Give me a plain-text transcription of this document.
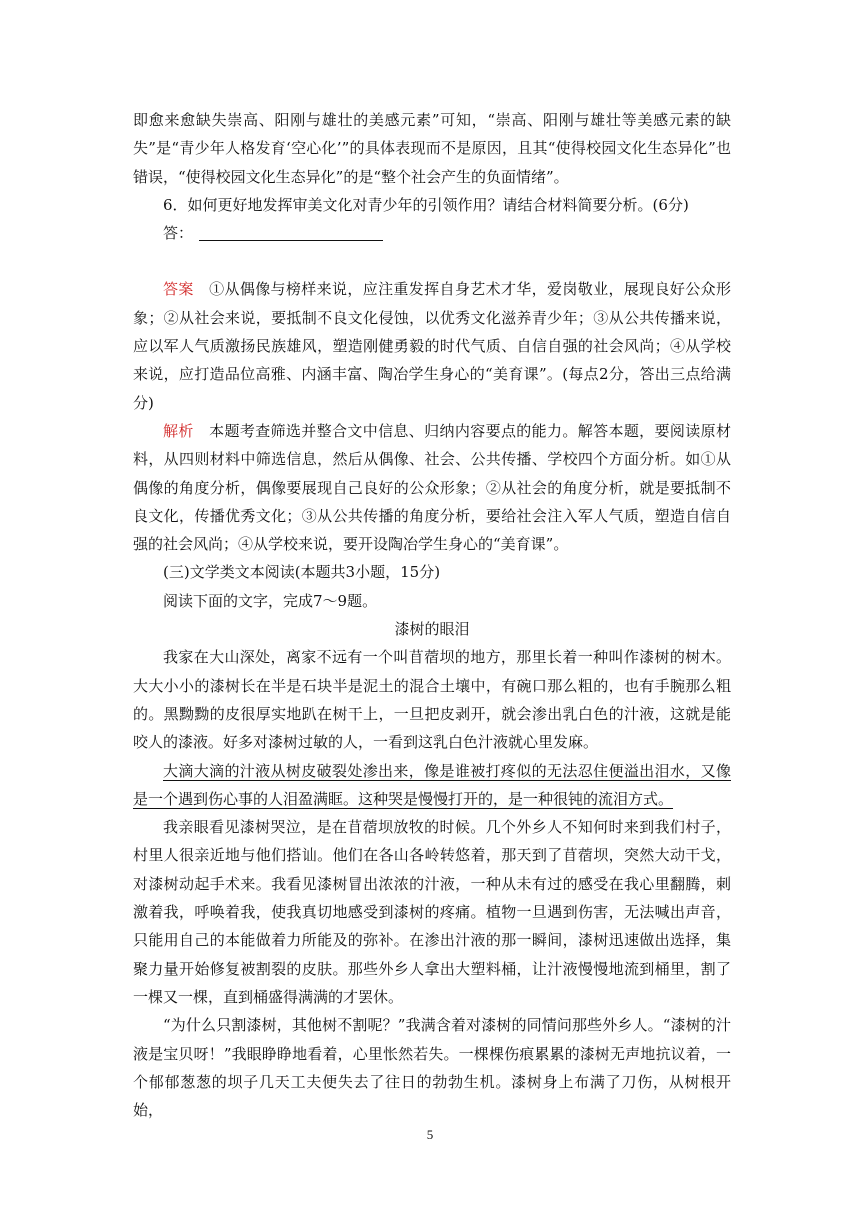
即愈来愈缺失崇高、阳刚与雄壮的美感元素”可知，“崇高、阳刚与雄壮等美感元素的缺失”是“青少年人格发育‘空心化’”的具体表现而不是原因，且其“使得校园文化生态异化”也错误，“使得校园文化生态异化”的是“整个社会产生的负面情绪”。

6．如何更好地发挥审美文化对青少年的引领作用？请结合材料简要分析。(6分)

答：

答案　 ①从偶像与榜样来说，应注重发挥自身艺术才华，爱岗敬业，展现良好公众形象；②从社会来说，要抵制不良文化侵蚀，以优秀文化滋养青少年；③从公共传播来说，应以军人气质激扬民族雄风，塑造刚健勇毅的时代气质、自信自强的社会风尚；④从学校来说，应打造品位高雅、内涵丰富、陶冶学生身心的“美育课”。(每点2分，答出三点给满分)

解析　 本题考查筛选并整合文中信息、归纳内容要点的能力。解答本题，要阅读原材料，从四则材料中筛选信息，然后从偶像、社会、公共传播、学校四个方面分析。如①从偶像的角度分析，偶像要展现自己良好的公众形象；②从社会的角度分析，就是要抵制不良文化，传播优秀文化；③从公共传播的角度分析，要给社会注入军人气质，塑造自信自强的社会风尚；④从学校来说，要开设陶冶学生身心的“美育课”。

(三)文学类文本阅读(本题共3小题，15分)

阅读下面的文字，完成7～9题。

漆树的眼泪

我家在大山深处，离家不远有一个叫苜蓿坝的地方，那里长着一种叫作漆树的树木。大大小小的漆树长在半是石块半是泥土的混合土壤中，有碗口那么粗的，也有手腕那么粗的。黑黝黝的皮很厚实地趴在树干上，一旦把皮剥开，就会渗出乳白色的汁液，这就是能咬人的漆液。好多对漆树过敏的人，一看到这乳白色汁液就心里发麻。

大滴大滴的汁液从树皮破裂处渗出来，像是谁被打疼似的无法忍住便溢出泪水，又像是一个遇到伤心事的人泪盈满眶。这种哭是慢慢打开的，是一种很钝的流泪方式。

我亲眼看见漆树哭泣，是在苜蓿坝放牧的时候。几个外乡人不知何时来到我们村子，村里人很亲近地与他们搭讪。他们在各山各岭转悠着，那天到了苜蓿坝，突然大动干戈，对漆树动起手术来。我看见漆树冒出浓浓的汁液，一种从未有过的感受在我心里翻腾，刺激着我，呼唤着我，使我真切地感受到漆树的疼痛。植物一旦遇到伤害，无法喊出声音，只能用自己的本能做着力所能及的弥补。在渗出汁液的那一瞬间，漆树迅速做出选择，集聚力量开始修复被割裂的皮肤。那些外乡人拿出大塑料桶，让汁液慢慢地流到桶里，割了一棵又一棵，直到桶盛得满满的才罢休。

“为什么只割漆树，其他树不割呢？”我满含着对漆树的同情问那些外乡人。“漆树的汁液是宝贝呀！”我眼睁睁地看着，心里怅然若失。一棵棵伤痕累累的漆树无声地抗议着，一个郁郁葱葱的坝子几天工夫便失去了往日的勃勃生机。漆树身上布满了刀伤，从树根开始，

5
